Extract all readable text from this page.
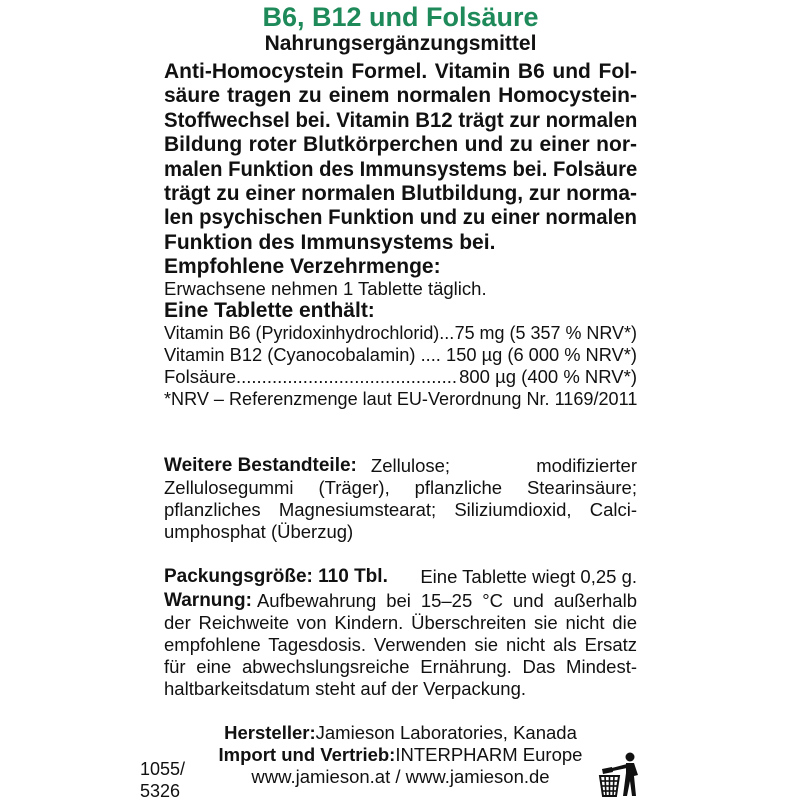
B6, B12 und Folsäure
Nahrungsergänzungsmittel
Anti-Homocystein Formel. Vitamin B6 und Fol-
säure tragen zu einem normalen Homocystein-
Stoffwechsel bei. Vitamin B12 trägt zur normalen
Bildung roter Blutkörperchen und zu einer nor-
malen Funktion des Immunsystems bei. Folsäure
trägt zu einer normalen Blutbildung, zur norma-
len psychischen Funktion und zu einer normalen
Funktion des Immunsystems bei.
Empfohlene Verzehrmenge:
Erwachsene nehmen 1 Tablette täglich.
Eine Tablette enthält:
Vitamin B6 (Pyridoxinhydrochlorid) ... 75 mg (5 357 % NRV*)
Vitamin B12 (Cyanocobalamin) .... 150 µg (6 000 % NRV*)
Folsäure ........................................... 800 µg (400 % NRV*)
*NRV – Referenzmenge laut EU-Verordnung Nr. 1169/2011
Weitere Bestandteile: Zellulose; modifizierter
Zellulosegummi (Träger), pflanzliche Stearinsäure;
pflanzliches Magnesiumstearat; Siliziumdioxid, Calci-
umphosphat (Überzug)
Packungsgröße: 110 Tbl. Eine Tablette wiegt 0,25 g.
Warnung: Aufbewahrung bei 15–25 °C und außerhalb
der Reichweite von Kindern. Überschreiten sie nicht die
empfohlene Tagesdosis. Verwenden sie nicht als Ersatz
für eine abwechslungsreiche Ernährung. Das Mindest-
haltbarkeitsdatum steht auf der Verpackung.
Hersteller:Jamieson Laboratories, Kanada
Import und Vertrieb:INTERPHARM Europe
www.jamieson.at / www.jamieson.de
1055/
5326
